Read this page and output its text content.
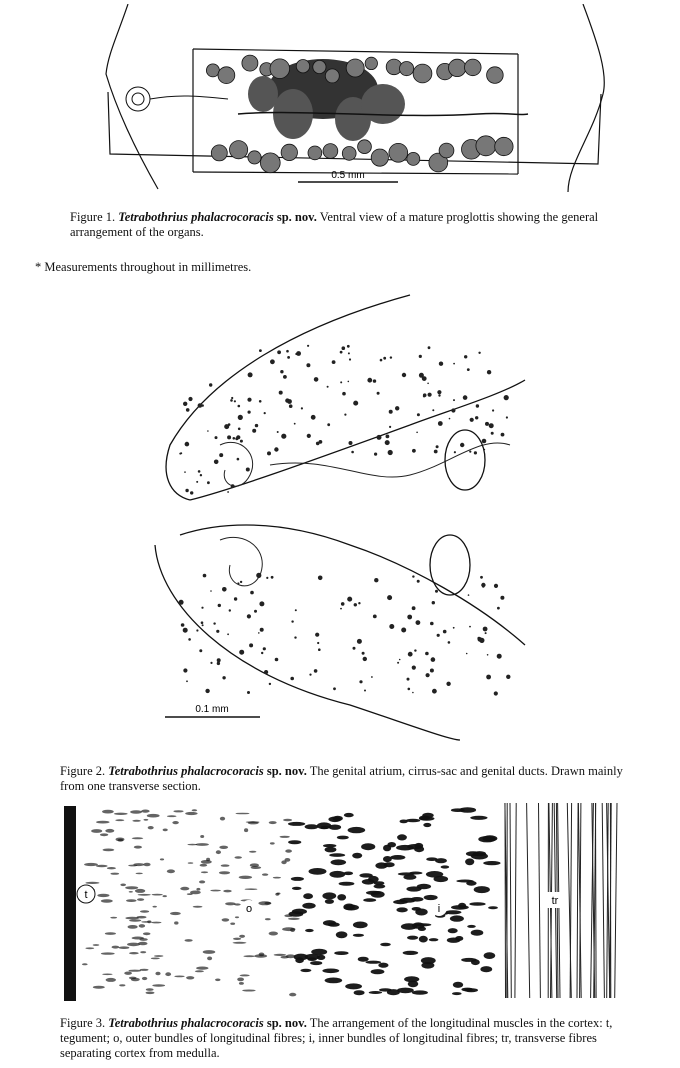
0.5 mm
Figure 1. Tetrabothrius phalacrocoracis sp. nov. Ventral view of a mature proglottis showing the general arrangement of the organs.
* Measurements throughout in millimetres.
0.1 mm
Figure 2. Tetrabothrius phalacrocoracis sp. nov. The genital atrium, cirrus-sac and genital ducts. Drawn mainly from one transverse section.
t
o	i
tr
Figure 3. Tetrabothrius phalacrocoracis sp. nov. The arrangement of the longitudinal muscles in the cortex: t, tegument; o, outer bundles of longitudinal fibres; i, inner bundles of longitudinal fibres; tr, transverse fibres separating cortex from medulla.
